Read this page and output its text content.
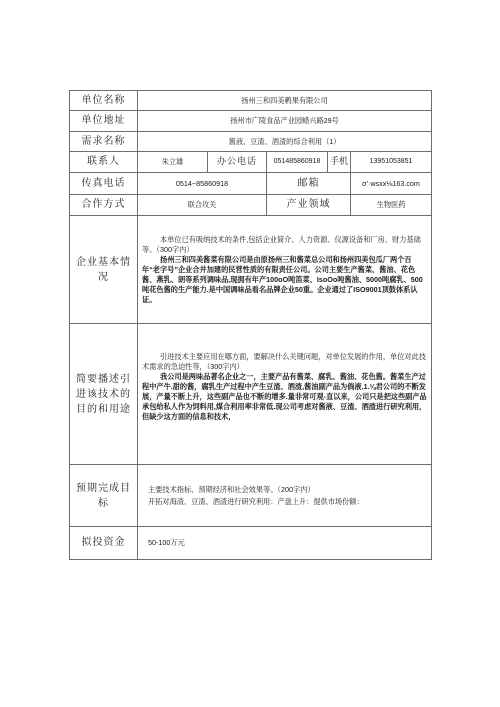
单位名称	扬州三和四美鹌果有限公司				
单位地址	扬州市广陵食品产业园蜡兴路29号				
需求名称	酱液、豆渣、酒渣的综合利用（1）				
联系人	朱立雄	办公电话	051485860918	手机	13951053851
传真电话	0514~85860918		邮箱		σ'·wsxx⅛163.com
合作方式	联合攻关		产业领域		生物医药
企业基本情况	本单位已有吸纳技术的条件,包括企业简介、人力资源、仪源设备和厂房、财力基础等。（300字内）

扬州三和四美酱菜有限公司是由原扬州三和酱菜总公司和扬州四美包瓜厂两个百年“老字号”企业合并加建的民营性质的有限责任公司。公司主要生产酱菜、酱油、花色酱、燕乳、朗等系列调味品,现拥有年产100oO吨笛菜、IsoOo吨酱油、5000吨腐乳、500吨花色酱的生产能力.是中国调味品看名品牌企业50重。企业通过了ISO9001顶鼓体系认证。				

简要播述引进该技术的目的和用途	引进技术主要应用在哪方面，要解决什么关键问题，对单位发展的作用，单位对此技术需求的急迫性等，（300字内）

我公司是两味品著名企业之一，主要产品有酱菜、腐乳、酱油、花色酱。酱菜生产过程中产牛.甜的酱，腐乳生产过程中产生豆渣、酒渣,酱油副产品为倘液.1.⅛君公司的不断发展，产量不断上升，这些副产品也不断的增多.量非常可观-直以来，公司只是把这些副产品承包给私人作为饲料用,煤合利用率非常低.现公司考虑对酱液、豆渣、酒渣进行研究利用，但缺少这方面的信息和技术，				

预期完成目标	主要技术指标、预期经济和社会效果等。（200字内）
开拓对海渣、豆渣、酒渣进行研究利用：产盘上升：提供市场份额：				

拟投资金	50-100万元				
